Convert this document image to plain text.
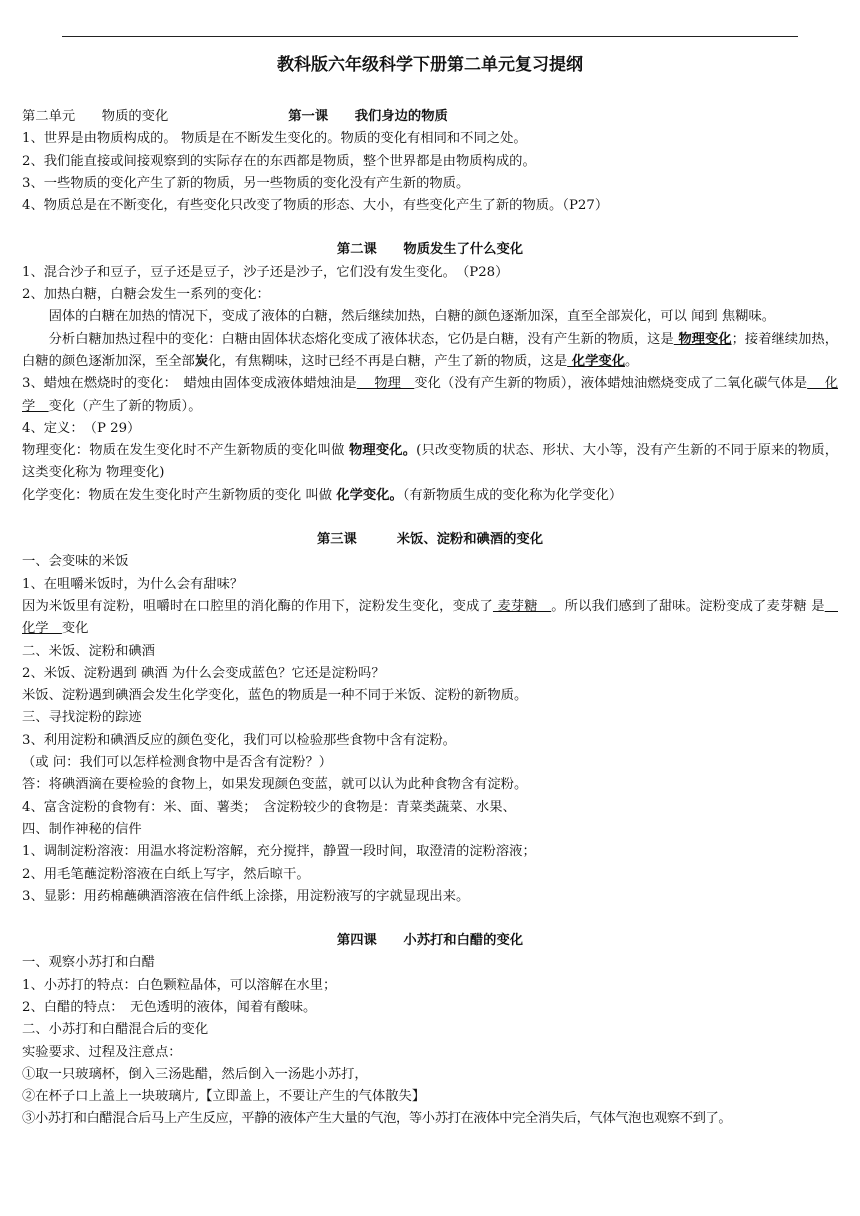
教科版六年级科学下册第二单元复习提纲
第二单元　　物质的变化	第一课　　我们身边的物质
1、世界是由物质构成的。 物质是在不断发生变化的。物质的变化有相同和不同之处。
2、我们能直接或间接观察到的实际存在的东西都是物质，整个世界都是由物质构成的。
3、一些物质的变化产生了新的物质，另一些物质的变化没有产生新的物质。
4、物质总是在不断变化，有些变化只改变了物质的形态、大小，有些变化产生了新的物质。（P27）
第二课　　物质发生了什么变化
1、混合沙子和豆子，豆子还是豆子，沙子还是沙子，它们没有发生变化。　（P28）
2、加热白糖，白糖会发生一系列的变化：
固体的白糖在加热的情况下，变成了液体的白糖，然后继续加热，白糖的颜色逐渐加深，直至全部炭化，可以 闻到 焦糊味。
分析白糖加热过程中的变化：白糖由固体状态熔化变成了液体状态，它仍是白糖，没有产生新的物质，这是 物理变化；接着继续加热，白糖的颜色逐渐加深，至全部炭化，有焦糊味，这时已经不再是白糖，产生了新的物质，这是 化学变化。
3、蜡烛在燃烧时的变化：　蜡烛由固体变成液体蜡烛油是　 物理　变化（没有产生新的物质），液体蜡烛油燃烧变成了二氧化碳气体是　 化学　变化（产生了新的物质）。
4、定义：　（P 29）
物理变化：物质在发生变化时不产生新物质的变化叫做 物理变化。(只改变物质的状态、形状、大小等，没有产生新的不同于原来的物质，这类变化称为 物理变化)
化学变化：物质在发生变化时产生新物质的变化 叫做 化学变化。（有新物质生成的变化称为化学变化）
第三课　　　米饭、淀粉和碘酒的变化
一、会变味的米饭
1、在咀嚼米饭时，为什么会有甜味？
因为米饭里有淀粉，咀嚼时在口腔里的消化酶的作用下，淀粉发生变化，变成了 麦芽糖　。所以我们感到了甜味。淀粉变成了麦芽糖 是　化学　变化
二、米饭、淀粉和碘酒
2、米饭、淀粉遇到 碘酒 为什么会变成蓝色？它还是淀粉吗？
米饭、淀粉遇到碘酒会发生化学变化，蓝色的物质是一种不同于米饭、淀粉的新物质。
三、寻找淀粉的踪迹
3、利用淀粉和碘酒反应的颜色变化，我们可以检验那些食物中含有淀粉。
（或 问：我们可以怎样检测食物中是否含有淀粉？）
答：将碘酒滴在要检验的食物上，如果发现颜色变蓝，就可以认为此种食物含有淀粉。
4、富含淀粉的食物有：米、面、薯类；　含淀粉较少的食物是：青菜类蔬菜、水果、
四、制作神秘的信件
1、调制淀粉溶液：用温水将淀粉溶解，充分搅拌，静置一段时间，取澄清的淀粉溶液；
2、用毛笔蘸淀粉溶液在白纸上写字，然后晾干。
3、显影：用药棉蘸碘酒溶液在信件纸上涂搽，用淀粉液写的字就显现出来。
第四课　　小苏打和白醋的变化
一、观察小苏打和白醋
1、小苏打的特点：白色颗粒晶体，可以溶解在水里；
2、白醋的特点：　无色透明的液体，闻着有酸味。
二、小苏打和白醋混合后的变化
实验要求、过程及注意点：
①取一只玻璃杯，倒入三汤匙醋，然后倒入一汤匙小苏打，
②在杯子口上盖上一块玻璃片,【立即盖上，不要让产生的气体散失】
③小苏打和白醋混合后马上产生反应，平静的液体产生大量的气泡，等小苏打在液体中完全消失后，气体气泡也观察不到了。
